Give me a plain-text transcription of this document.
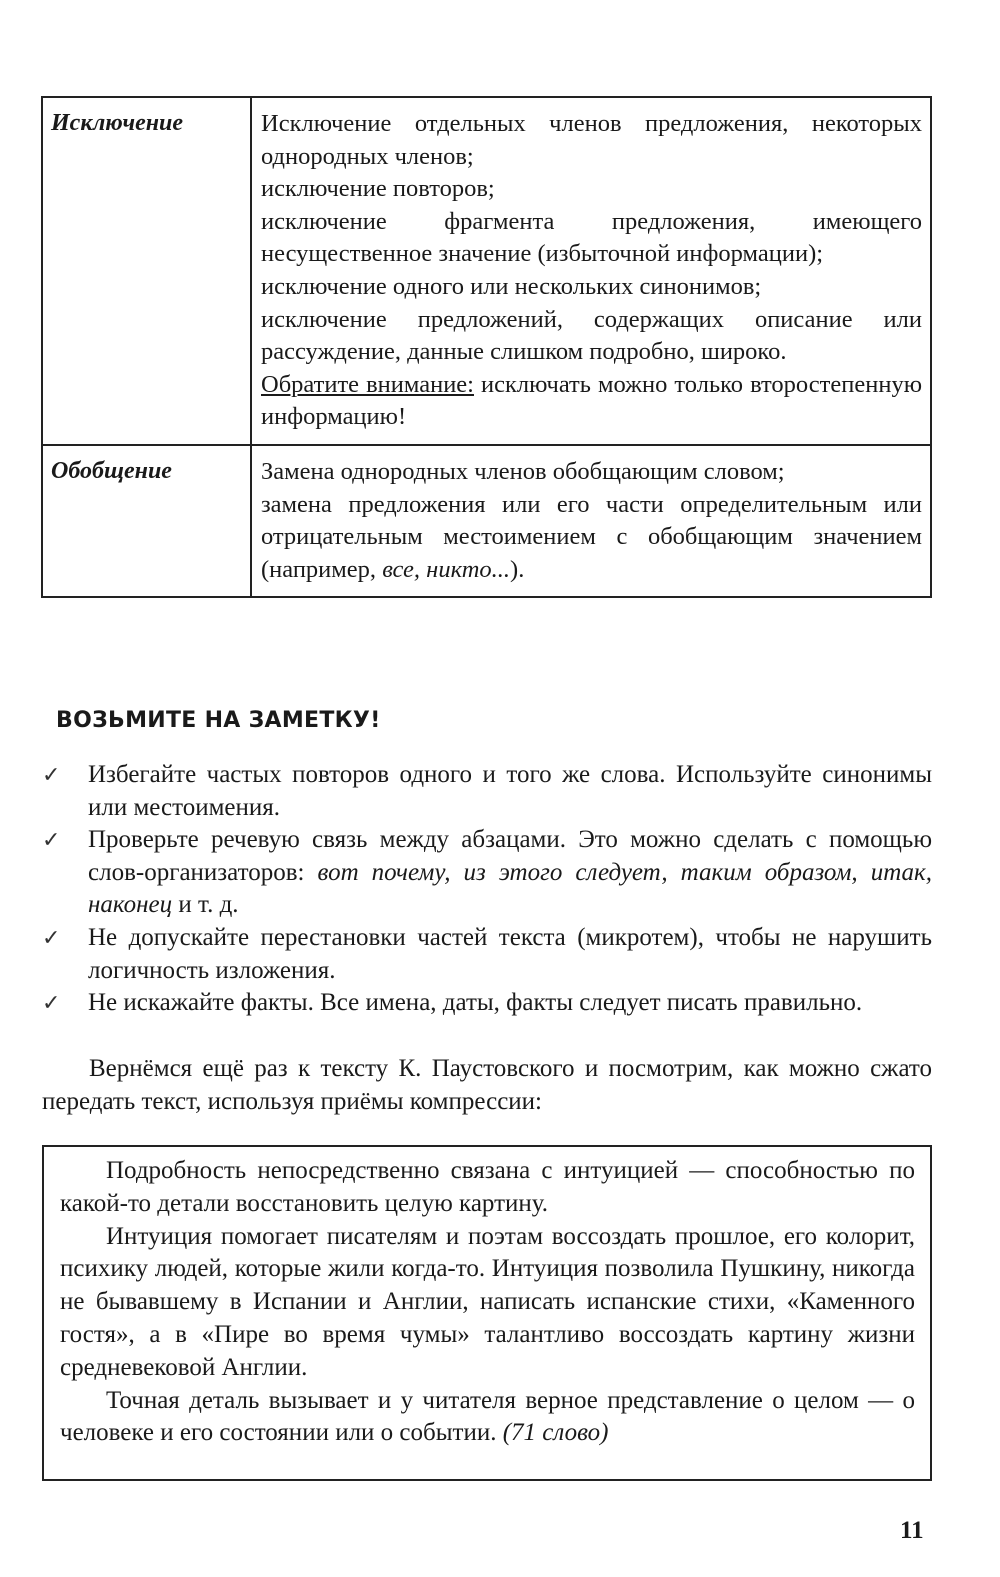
Исключение	Исключение отдельных членов предложения, некоторых однородных членов;
исключение повторов;
исключение фрагмента предложения, имеющего несущественное значение (избыточной информации);
исключение одного или нескольких синонимов;
исключение предложений, содержащих описание или рассуждение, данные слишком подробно, широко.
Обратите внимание: исключать можно только второстепенную информацию!
Обобщение	Замена однородных членов обобщающим словом;
замена предложения или его части определительным или отрицательным местоимением с обобщающим значением (например, все, никто...).
ВОЗЬМИТЕ НА ЗАМЕТКУ!
✓	Избегайте частых повторов одного и того же слова. Используйте синонимы или местоимения.
✓	Проверьте речевую связь между абзацами. Это можно сделать с помощью слов-организаторов: вот почему, из этого следует, таким образом, итак, наконец и т. д.
✓	Не допускайте перестановки частей текста (микротем), чтобы не нарушить логичность изложения.
✓	Не искажайте факты. Все имена, даты, факты следует писать правильно.

Вернёмся ещё раз к тексту К. Паустовского и посмотрим, как можно сжато передать текст, используя приёмы компрессии:

Подробность непосредственно связана с интуицией — способностью по какой-то детали восстановить целую картину.

Интуиция помогает писателям и поэтам воссоздать прошлое, его колорит, психику людей, которые жили когда-то. Интуиция позволила Пушкину, никогда не бывавшему в Испании и Англии, написать испанские стихи, «Каменного гостя», а в «Пире во время чумы» талантливо воссоздать картину жизни средневековой Англии.

Точная деталь вызывает и у читателя верное представление о целом — о человеке и его состоянии или о событии. (71 слово)

11
